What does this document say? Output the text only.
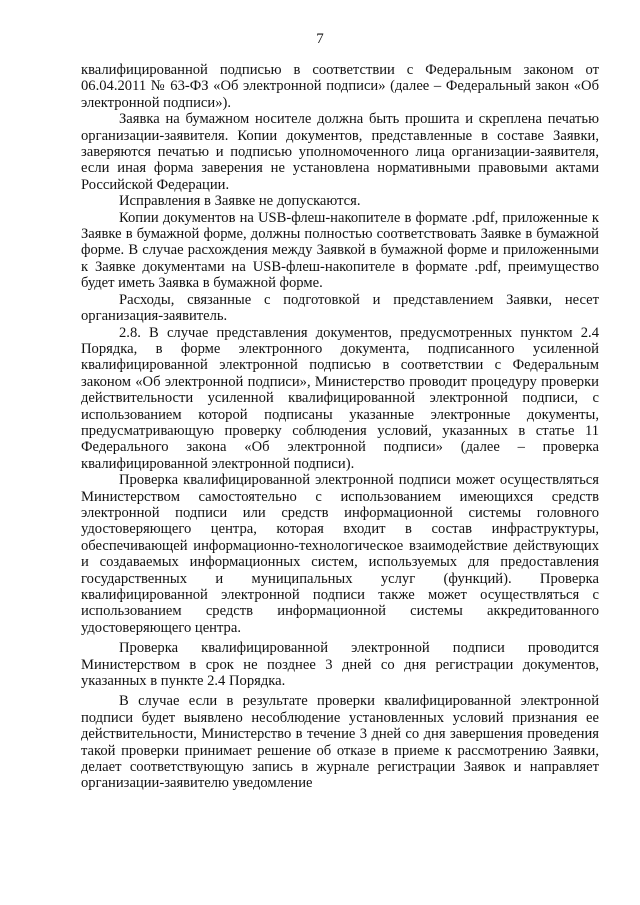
7

квалифицированной подписью в соответствии с Федеральным законом от 06.04.2011 № 63-ФЗ «Об электронной подписи» (далее – Федеральный закон «Об электронной подписи»).

Заявка на бумажном носителе должна быть прошита и скреплена печатью организации-заявителя. Копии документов, представленные в составе Заявки, заверяются печатью и подписью уполномоченного лица организации-заявителя, если иная форма заверения не установлена нормативными правовыми актами Российской Федерации.

Исправления в Заявке не допускаются.

Копии документов на USB-флеш-накопителе в формате .pdf, приложенные к Заявке в бумажной форме, должны полностью соответствовать Заявке в бумажной форме. В случае расхождения между Заявкой в бумажной форме и приложенными к Заявке документами на USB-флеш-накопителе в формате .pdf, преимущество будет иметь Заявка в бумажной форме.

Расходы, связанные с подготовкой и представлением Заявки, несет организация-заявитель.

2.8. В случае представления документов, предусмотренных пунктом 2.4 Порядка, в форме электронного документа, подписанного усиленной квалифицированной электронной подписью в соответствии с Федеральным законом «Об электронной подписи», Министерство проводит процедуру проверки действительности усиленной квалифицированной электронной подписи, с использованием которой подписаны указанные электронные документы, предусматривающую проверку соблюдения условий, указанных в статье 11 Федерального закона «Об электронной подписи» (далее – проверка квалифицированной электронной подписи).

Проверка квалифицированной электронной подписи может осуществляться Министерством самостоятельно с использованием имеющихся средств электронной подписи или средств информационной системы головного удостоверяющего центра, которая входит в состав инфраструктуры, обеспечивающей информационно-технологическое взаимодействие действующих и создаваемых информационных систем, используемых для предоставления государственных и муниципальных услуг (функций). Проверка квалифицированной электронной подписи также может осуществляться с использованием средств информационной системы аккредитованного удостоверяющего центра.

Проверка квалифицированной электронной подписи проводится Министерством в срок не позднее 3 дней со дня регистрации документов, указанных в пункте 2.4 Порядка.

В случае если в результате проверки квалифицированной электронной подписи будет выявлено несоблюдение установленных условий признания ее действительности, Министерство в течение 3 дней со дня завершения проведения такой проверки принимает решение об отказе в приеме к рассмотрению Заявки, делает соответствующую запись в журнале регистрации Заявок и направляет организации-заявителю уведомление
